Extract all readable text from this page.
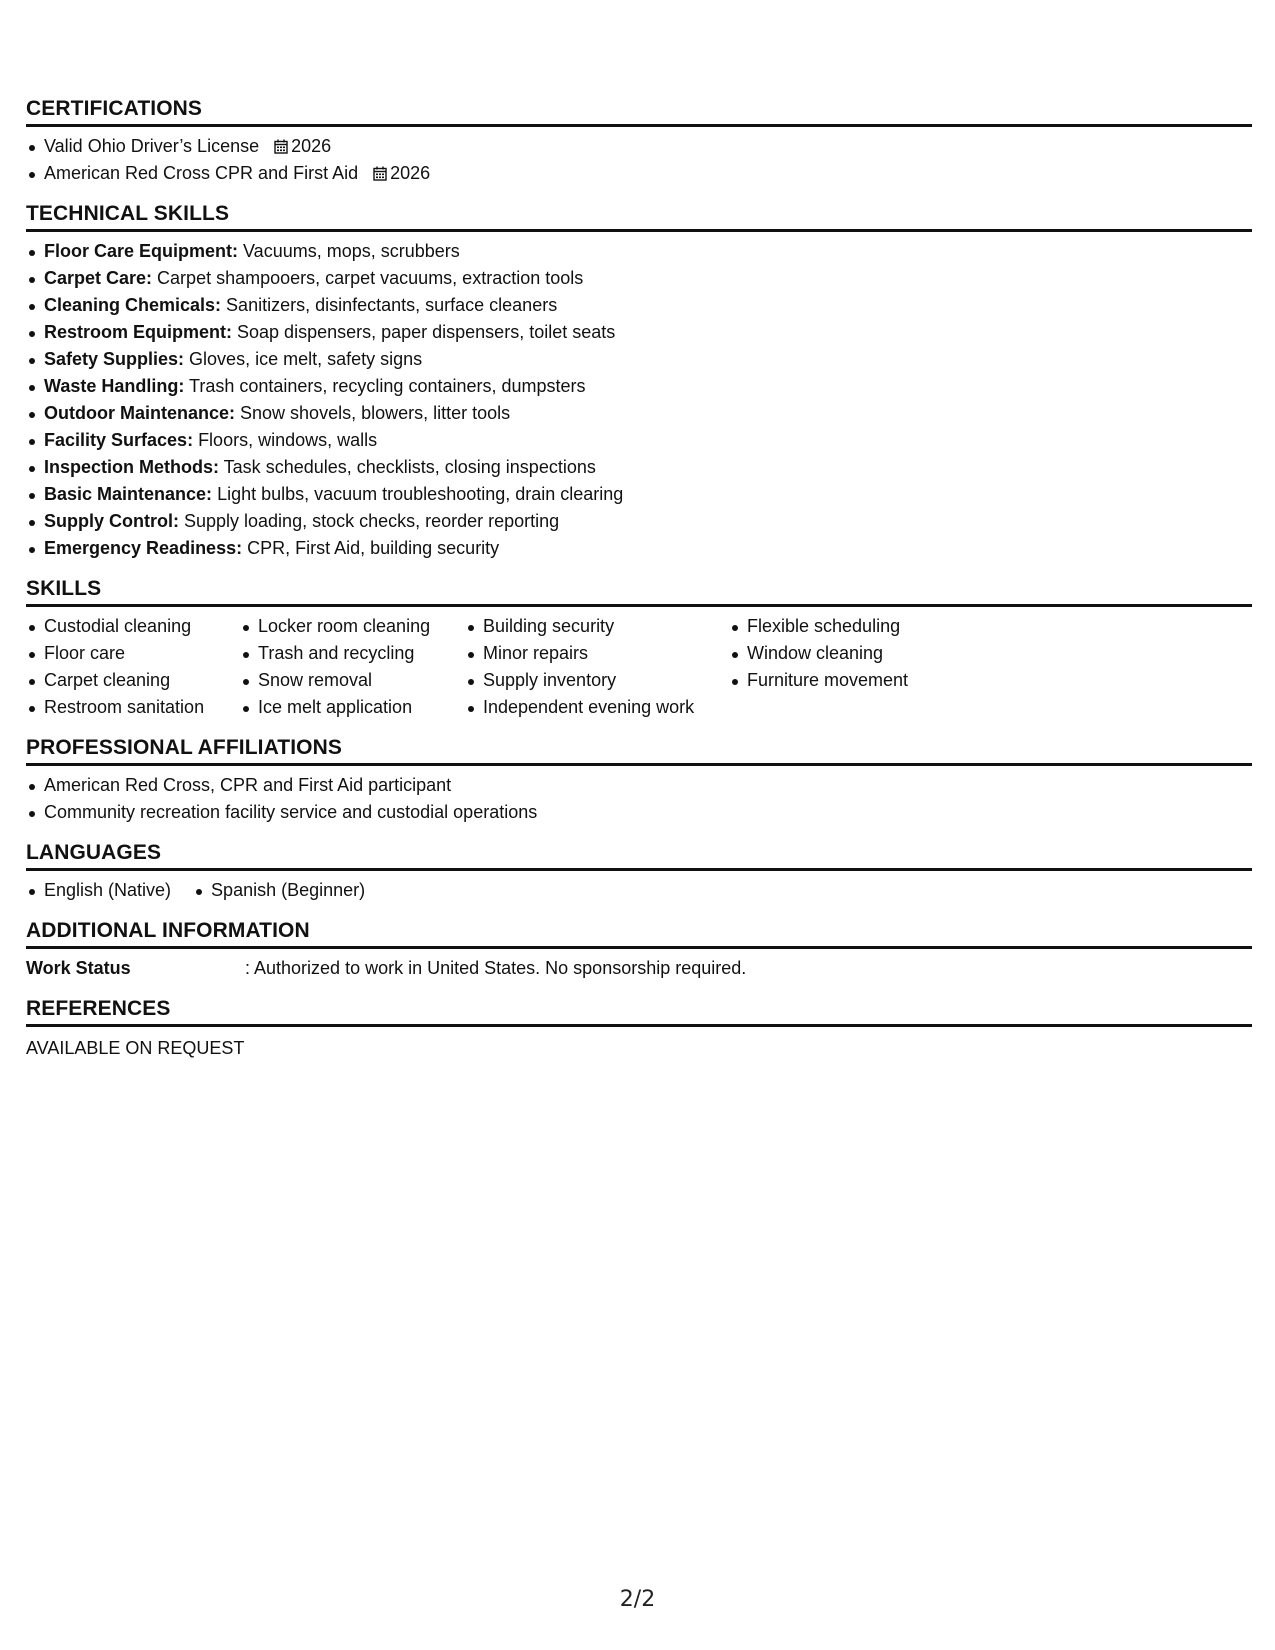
CERTIFICATIONS
Valid Ohio Driver’s License 2026
American Red Cross CPR and First Aid 2026
TECHNICAL SKILLS
Floor Care Equipment: Vacuums, mops, scrubbers
Carpet Care: Carpet shampooers, carpet vacuums, extraction tools
Cleaning Chemicals: Sanitizers, disinfectants, surface cleaners
Restroom Equipment: Soap dispensers, paper dispensers, toilet seats
Safety Supplies: Gloves, ice melt, safety signs
Waste Handling: Trash containers, recycling containers, dumpsters
Outdoor Maintenance: Snow shovels, blowers, litter tools
Facility Surfaces: Floors, windows, walls
Inspection Methods: Task schedules, checklists, closing inspections
Basic Maintenance: Light bulbs, vacuum troubleshooting, drain clearing
Supply Control: Supply loading, stock checks, reorder reporting
Emergency Readiness: CPR, First Aid, building security
SKILLS
Custodial cleaning
Floor care
Carpet cleaning
Restroom sanitation
Locker room cleaning
Trash and recycling
Snow removal
Ice melt application
Building security
Minor repairs
Supply inventory
Independent evening work
Flexible scheduling
Window cleaning
Furniture movement
PROFESSIONAL AFFILIATIONS
American Red Cross, CPR and First Aid participant
Community recreation facility service and custodial operations
LANGUAGES
English (Native)	Spanish (Beginner)
ADDITIONAL INFORMATION
Work Status	: Authorized to work in United States. No sponsorship required.
REFERENCES
AVAILABLE ON REQUEST
2/2
